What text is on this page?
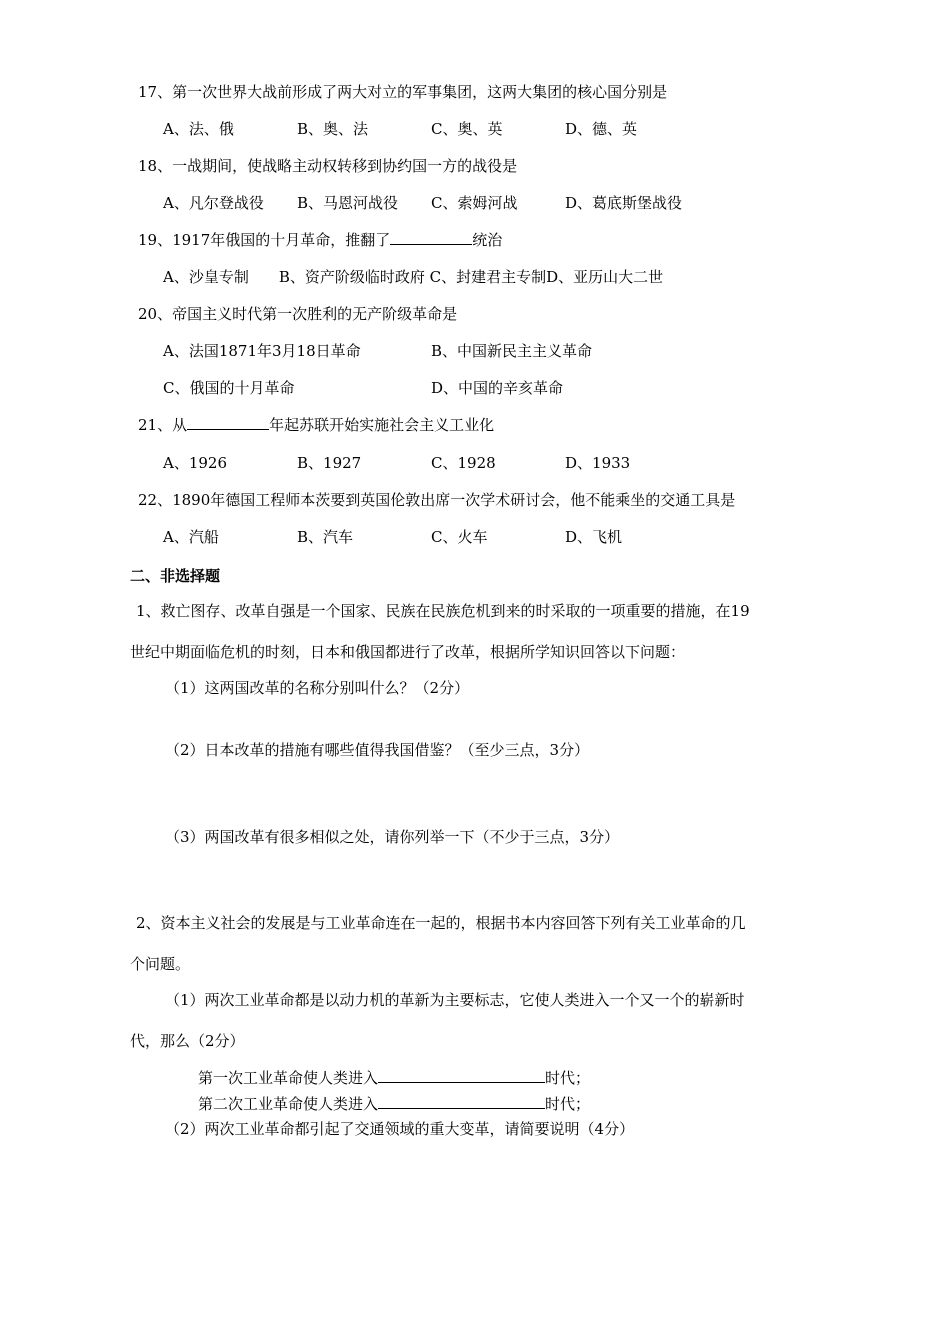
17、第一次世界大战前形成了两大对立的军事集团，这两大集团的核心国分别是
A、法、俄	B、奥、法	C、奥、英	D、德、英
18、一战期间，使战略主动权转移到协约国一方的战役是
A、凡尔登战役 B、马恩河战役 C、索姆河战	D、葛底斯堡战役
19、1917年俄国的十月革命，推翻了	统治
A、沙皇专制　　B、资产阶级临时政府 C、封建君主专制D、亚历山大二世
20、帝国主义时代第一次胜利的无产阶级革命是
A、法国1871年3月18日革命	B、中国新民主主义革命
C、俄国的十月革命	D、中国的辛亥革命
21、从	年起苏联开始实施社会主义工业化
A、1926	B、1927	C、1928	D、1933
22、1890年德国工程师本茨要到英国伦敦出席一次学术研讨会，他不能乘坐的交通工具是
A、汽船	B、汽车	C、火车	D、飞机
二、非选择题
1、救亡图存、改革自强是一个国家、民族在民族危机到来的时采取的一项重要的措施，在19
世纪中期面临危机的时刻，日本和俄国都进行了改革，根据所学知识回答以下问题：
（1）这两国改革的名称分别叫什么？（2分）
（2）日本改革的措施有哪些值得我国借鉴？（至少三点，3分）
（3）两国改革有很多相似之处，请你列举一下（不少于三点，3分）
2、资本主义社会的发展是与工业革命连在一起的，根据书本内容回答下列有关工业革命的几
个问题。
（1）两次工业革命都是以动力机的革新为主要标志，它使人类进入一个又一个的崭新时
代，那么（2分）
第一次工业革命使人类进入	时代；
第二次工业革命使人类进入	时代；
（2）两次工业革命都引起了交通领域的重大变革，请简要说明（4分）
